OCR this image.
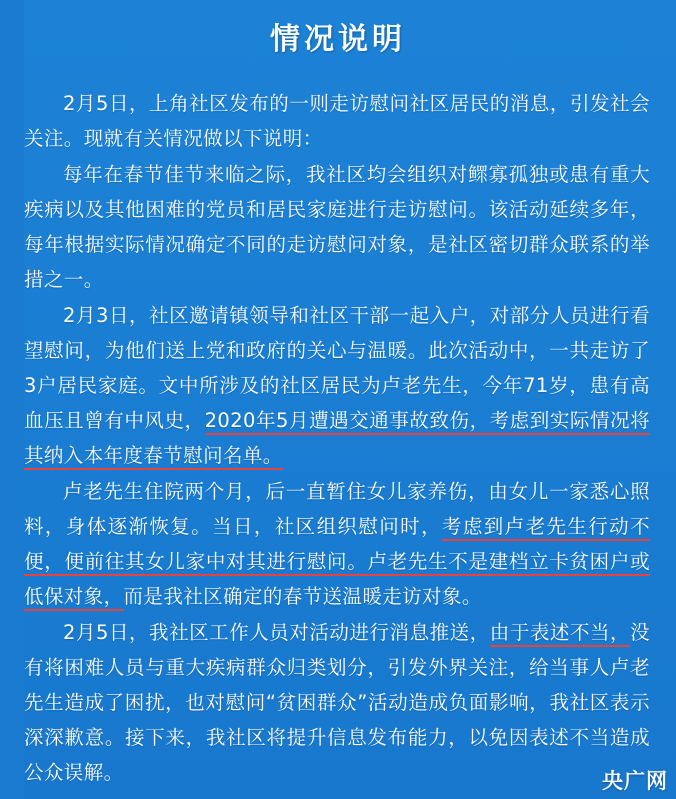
情况说明

2月5日，上角社区发布的一则走访慰问社区居民的消息，引发社会关注。现就有关情况做以下说明：

每年在春节佳节来临之际，我社区均会组织对鳏寡孤独或患有重大疾病以及其他困难的党员和居民家庭进行走访慰问。该活动延续多年，每年根据实际情况确定不同的走访慰问对象，是社区密切群众联系的举措之一。

2月3日，社区邀请镇领导和社区干部一起入户，对部分人员进行看望慰问，为他们送上党和政府的关心与温暖。此次活动中，一共走访了3户居民家庭。文中所涉及的社区居民为卢老先生，今年71岁，患有高血压且曾有中风史，2020年5月遭遇交通事故致伤，考虑到实际情况将其纳入本年度春节慰问名单。

卢老先生住院两个月，后一直暂住女儿家养伤，由女儿一家悉心照料，身体逐渐恢复。当日，社区组织慰问时，考虑到卢老先生行动不便，便前往其女儿家中对其进行慰问。卢老先生不是建档立卡贫困户或低保对象，而是我社区确定的春节送温暖走访对象。

2月5日，我社区工作人员对活动进行消息推送，由于表述不当，没有将困难人员与重大疾病群众归类划分，引发外界关注，给当事人卢老先生造成了困扰，也对慰问“贫困群众”活动造成负面影响，我社区表示深深歉意。接下来，我社区将提升信息发布能力，以免因表述不当造成公众误解。	央广网
